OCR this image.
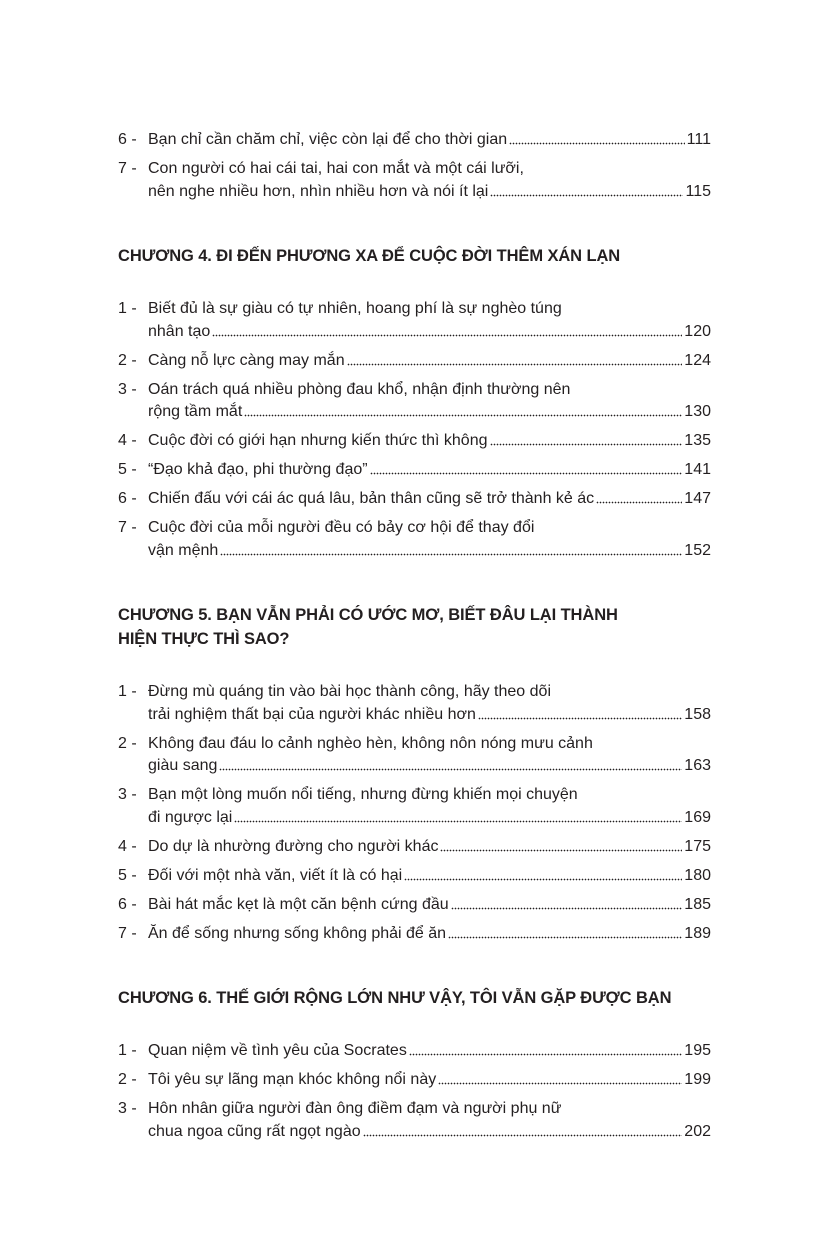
6 - Bạn chỉ cần chăm chỉ, việc còn lại để cho thời gian	111
7 - Con người có hai cái tai, hai con mắt và một cái lưỡi,
nên nghe nhiều hơn, nhìn nhiều hơn và nói ít lại	115
CHƯƠNG 4. ĐI ĐẾN PHƯƠNG XA ĐỂ CUỘC ĐỜI THÊM XÁN LẠN
1 - Biết đủ là sự giàu có tự nhiên, hoang phí là sự nghèo túng
nhân tạo	120
2 - Càng nỗ lực càng may mắn	124
3 - Oán trách quá nhiều phòng đau khổ, nhận định thường nên
rộng tầm mắt	130
4 - Cuộc đời có giới hạn nhưng kiến thức thì không	135
5 - “Đạo khả đạo, phi thường đạo”	141
6 - Chiến đấu với cái ác quá lâu, bản thân cũng sẽ trở thành kẻ ác	147
7 - Cuộc đời của mỗi người đều có bảy cơ hội để thay đổi
vận mệnh	152
CHƯƠNG 5. BẠN VẪN PHẢI CÓ ƯỚC MƠ, BIẾT ĐÂU LẠI THÀNH
HIỆN THỰC THÌ SAO?
1 - Đừng mù quáng tin vào bài học thành công, hãy theo dõi
trải nghiệm thất bại của người khác nhiều hơn	158
2 - Không đau đáu lo cảnh nghèo hèn, không nôn nóng mưu cảnh
giàu sang	163
3 - Bạn một lòng muốn nổi tiếng, nhưng đừng khiến mọi chuyện
đi ngược lại	169
4 - Do dự là nhường đường cho người khác	175
5 - Đối với một nhà văn, viết ít là có hại	180
6 - Bài hát mắc kẹt là một căn bệnh cứng đầu	185
7 - Ăn để sống nhưng sống không phải để ăn	189
CHƯƠNG 6. THẾ GIỚI RỘNG LỚN NHƯ VẬY, TÔI VẪN GẶP ĐƯỢC BẠN
1 - Quan niệm về tình yêu của Socrates	195
2 - Tôi yêu sự lãng mạn khóc không nổi này	199
3 - Hôn nhân giữa người đàn ông điềm đạm và người phụ nữ
chua ngoa cũng rất ngọt ngào	202
